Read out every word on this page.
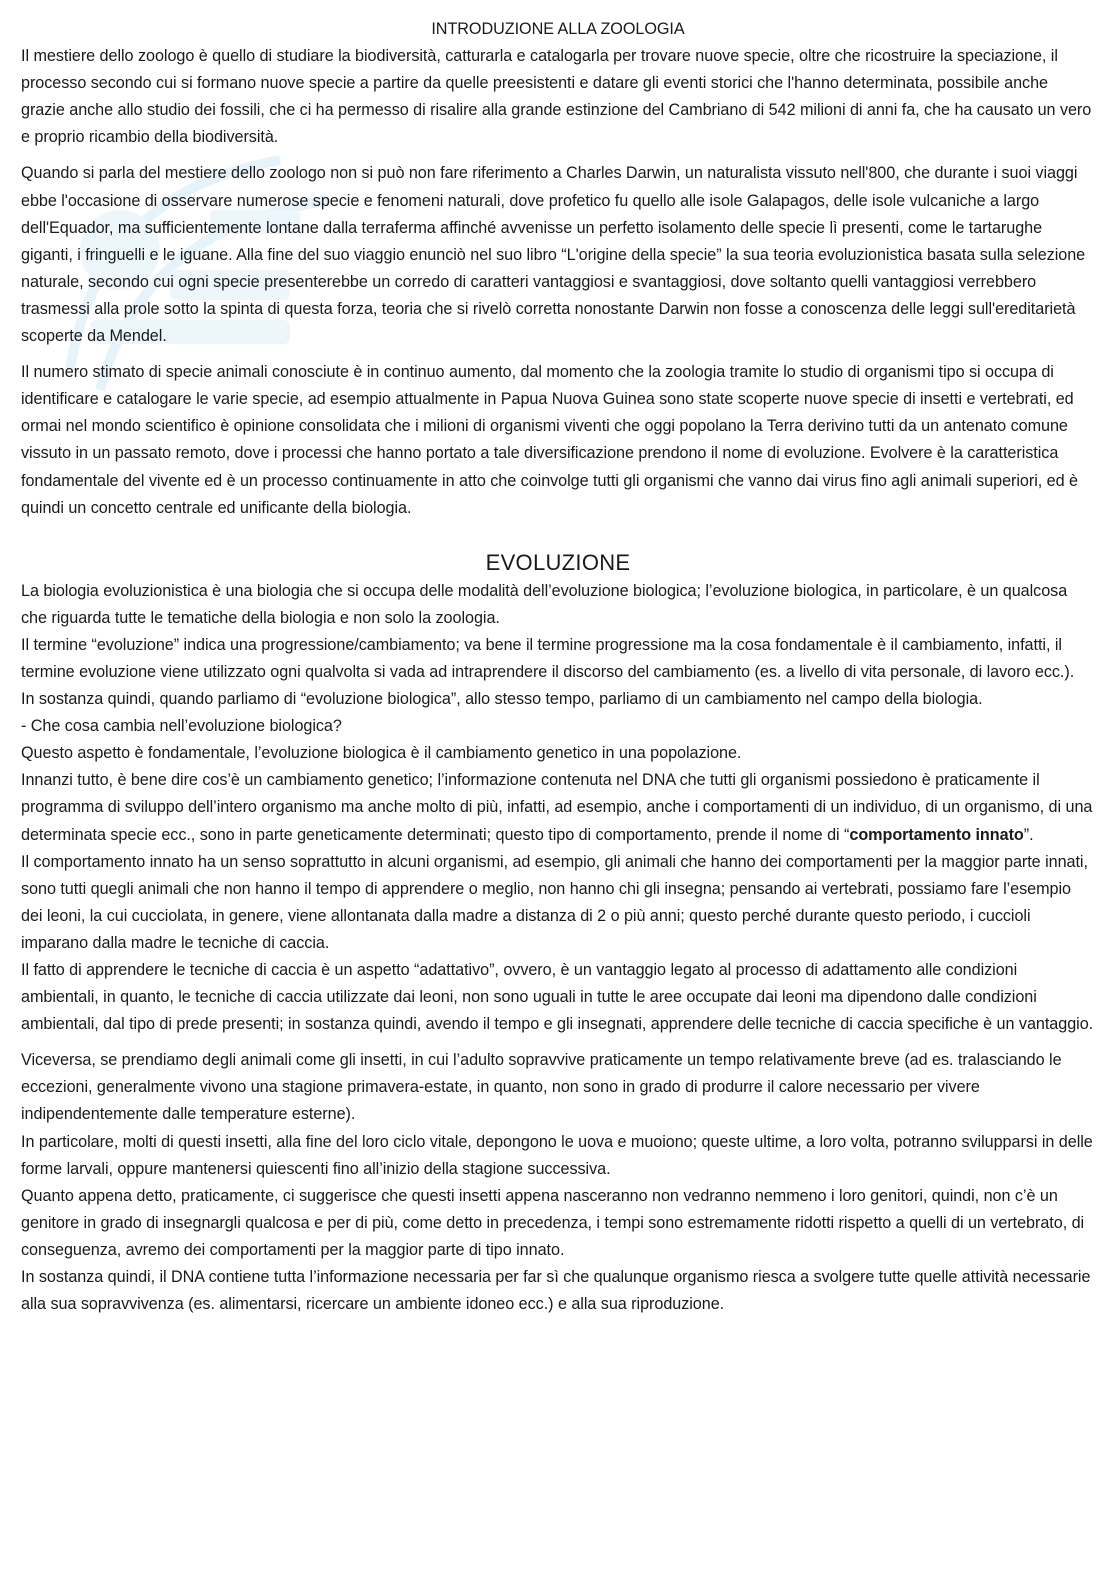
INTRODUZIONE ALLA ZOOLOGIA

Il mestiere dello zoologo è quello di studiare la biodiversità, catturarla e catalogarla per trovare nuove specie, oltre che ricostruire la speciazione, il processo secondo cui si formano nuove specie a partire da quelle preesistenti e datare gli eventi storici che l'hanno determinata, possibile anche grazie anche allo studio dei fossili, che ci ha permesso di risalire alla grande estinzione del Cambriano di 542 milioni di anni fa, che ha causato un vero e proprio ricambio della biodiversità.

Quando si parla del mestiere dello zoologo non si può non fare riferimento a Charles Darwin, un naturalista vissuto nell'800, che durante i suoi viaggi ebbe l'occasione di osservare numerose specie e fenomeni naturali, dove profetico fu quello alle isole Galapagos, delle isole vulcaniche a largo dell'Equador, ma sufficientemente lontane dalla terraferma affinché avvenisse un perfetto isolamento delle specie lì presenti, come le tartarughe giganti, i fringuelli e le iguane. Alla fine del suo viaggio enunciò nel suo libro “L'origine della specie” la sua teoria evoluzionistica basata sulla selezione naturale, secondo cui ogni specie presenterebbe un corredo di caratteri vantaggiosi e svantaggiosi, dove soltanto quelli vantaggiosi verrebbero trasmessi alla prole sotto la spinta di questa forza, teoria che si rivelò corretta nonostante Darwin non fosse a conoscenza delle leggi sull'ereditarietà scoperte da Mendel.

Il numero stimato di specie animali conosciute è in continuo aumento, dal momento che la zoologia tramite lo studio di organismi tipo si occupa di identificare e catalogare le varie specie, ad esempio attualmente in Papua Nuova Guinea sono state scoperte nuove specie di insetti e vertebrati, ed ormai nel mondo scientifico è opinione consolidata che i milioni di organismi viventi che oggi popolano la Terra derivino tutti da un antenato comune vissuto in un passato remoto, dove i processi che hanno portato a tale diversificazione prendono il nome di evoluzione. Evolvere è la caratteristica fondamentale del vivente ed è un processo continuamente in atto che coinvolge tutti gli organismi che vanno dai virus fino agli animali superiori, ed è quindi un concetto centrale ed unificante della biologia.

EVOLUZIONE

La biologia evoluzionistica è una biologia che si occupa delle modalità dell’evoluzione biologica; l’evoluzione biologica, in particolare, è un qualcosa che riguarda tutte le tematiche della biologia e non solo la zoologia.

Il termine “evoluzione” indica una progressione/cambiamento; va bene il termine progressione ma la cosa fondamentale è il cambiamento, infatti, il termine evoluzione viene utilizzato ogni qualvolta si vada ad intraprendere il discorso del cambiamento (es. a livello di vita personale, di lavoro ecc.).

In sostanza quindi, quando parliamo di “evoluzione biologica”, allo stesso tempo, parliamo di un cambiamento nel campo della biologia.

- Che cosa cambia nell’evoluzione biologica?

Questo aspetto è fondamentale, l’evoluzione biologica è il cambiamento genetico in una popolazione.

Innanzi tutto, è bene dire cos’è un cambiamento genetico; l’informazione contenuta nel DNA che tutti gli organismi possiedono è praticamente il programma di sviluppo dell’intero organismo ma anche molto di più, infatti, ad esempio, anche i comportamenti di un individuo, di un organismo, di una determinata specie ecc., sono in parte geneticamente determinati; questo tipo di comportamento, prende il nome di “comportamento innato”.

Il comportamento innato ha un senso soprattutto in alcuni organismi, ad esempio, gli animali che hanno dei comportamenti per la maggior parte innati, sono tutti quegli animali che non hanno il tempo di apprendere o meglio, non hanno chi gli insegna; pensando ai vertebrati, possiamo fare l’esempio dei leoni, la cui cucciolata, in genere, viene allontanata dalla madre a distanza di 2 o più anni; questo perché durante questo periodo, i cuccioli imparano dalla madre le tecniche di caccia.

Il fatto di apprendere le tecniche di caccia è un aspetto “adattativo”, ovvero, è un vantaggio legato al processo di adattamento alle condizioni ambientali, in quanto, le tecniche di caccia utilizzate dai leoni, non sono uguali in tutte le aree occupate dai leoni ma dipendono dalle condizioni ambientali, dal tipo di prede presenti; in sostanza quindi, avendo il tempo e gli insegnati, apprendere delle tecniche di caccia specifiche è un vantaggio.

Viceversa, se prendiamo degli animali come gli insetti, in cui l’adulto sopravvive praticamente un tempo relativamente breve (ad es. tralasciando le eccezioni, generalmente vivono una stagione primavera-estate, in quanto, non sono in grado di produrre il calore necessario per vivere indipendentemente dalle temperature esterne).

In particolare, molti di questi insetti, alla fine del loro ciclo vitale, depongono le uova e muoiono; queste ultime, a loro volta, potranno svilupparsi in delle forme larvali, oppure mantenersi quiescenti fino all’inizio della stagione successiva.

Quanto appena detto, praticamente, ci suggerisce che questi insetti appena nasceranno non vedranno nemmeno i loro genitori, quindi, non c’è un genitore in grado di insegnargli qualcosa e per di più, come detto in precedenza, i tempi sono estremamente ridotti rispetto a quelli di un vertebrato, di conseguenza, avremo dei comportamenti per la maggior parte di tipo innato.

In sostanza quindi, il DNA contiene tutta l’informazione necessaria per far sì che qualunque organismo riesca a svolgere tutte quelle attività necessarie alla sua sopravvivenza (es. alimentarsi, ricercare un ambiente idoneo ecc.) e alla sua riproduzione.
